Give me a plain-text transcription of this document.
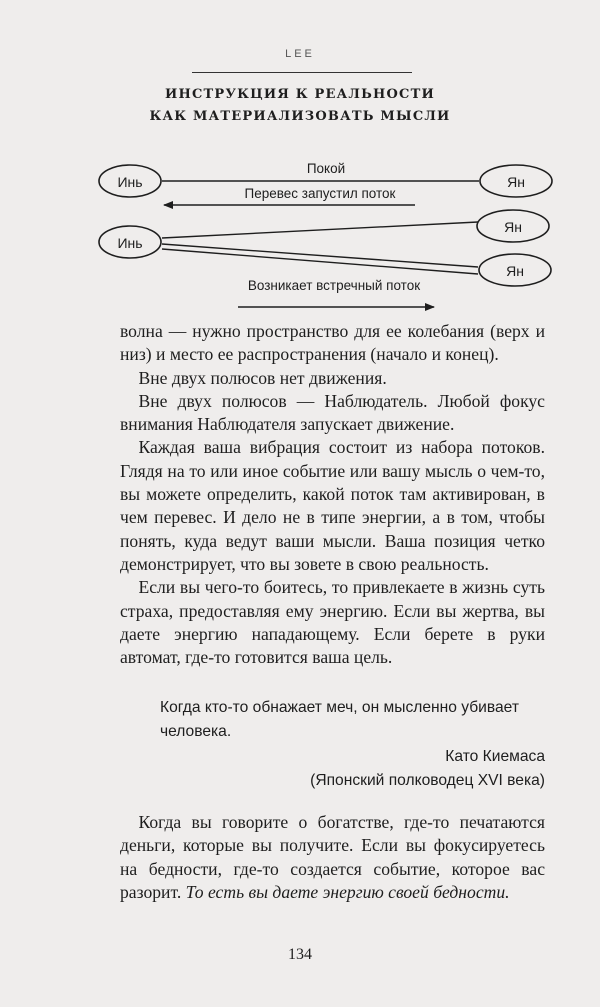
LEE
ИНСТРУКЦИЯ К РЕАЛЬНОСТИ
КАК МАТЕРИАЛИЗОВАТЬ МЫСЛИ
Инь
Инь
Ян
Ян
Ян
Покой
Перевес запустил поток
Возникает встречный поток

волна — нужно пространство для ее колебания (верх и низ) и место ее распространения (начало и конец).

Вне двух полюсов нет движения.

Вне двух полюсов — Наблюдатель. Любой фокус внимания Наблюдателя запускает движение.

Каждая ваша вибрация состоит из набора потоков. Глядя на то или иное событие или вашу мысль о чем-то, вы можете определить, какой поток там активирован, в чем перевес. И дело не в типе энергии, а в том, чтобы понять, куда ведут ваши мысли. Ваша позиция четко демонстрирует, что вы зовете в свою реальность.

Если вы чего-то боитесь, то привлекаете в жизнь суть страха, предоставляя ему энергию. Если вы жертва, вы даете энергию нападающему. Если берете в руки автомат, где-то готовится ваша цель.

Когда кто-то обнажает меч, он мысленно убивает человека.
Като Киемаса
(Японский полководец XVI века)

Когда вы говорите о богатстве, где-то печатаются деньги, которые вы получите. Если вы фокусируетесь на бедности, где-то создается событие, которое вас разорит. То есть вы даете энергию своей бедности.

134
